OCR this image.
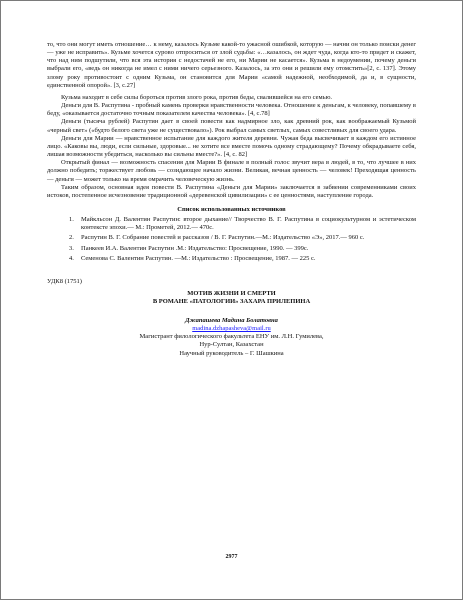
то, что они могут иметь отношение… к нему, казалось Кузьме какой-то ужасной ошибкой, которую — начни он только поиски денег — уже не исправить». Кузьме хочется сурово отпроситься от злой судьбы: «…казалось, он ждет чуда, когда кто-то придет и скажет, что над ним подшутили, что вся эта история с недостачей не его, ни Марии не касается». Кузьма в недоумении, почему деньги выбрали его, «ведь он никогда не имел с ними ничего серьезного. Казалось, за это они и решили ему отомстить»[2, с. 137]. Этому злому року противостоит с одним Кузьма, он становится для Марии «самой надежной, необходимой, да и, в сущности, единственной опорой». [3, с.27]

Кузьма находит в себе силы бороться против злого рока, против беды, свалившейся на его семью.

Деньги для В. Распутина - пробный камень проверки нравственности человека. Отношение к деньгам, к человеку, попавшему в беду, «оказывается достаточно точным показателем качества человека». [4, с.78]

Деньги (тысяча рублей) Распутин дает в своей повести как надмирное зло, как древний рок, как воображаемый Кузьмой «черный свет» («будто белого света уже не существовало»). Рок выбрал самых светлых, самых совестливых для своего удара.

Деньги для Марии — нравственное испытание для каждого жителя деревни. Чужая беда высвечивает в каждом его истинное лицо. «Каковы вы, люди, если сильные, здоровые... не хотите все вместе помочь одному страдающему? Почему обкрадываете себя, лишая возможности убедиться, насколько вы сильны вместе?». [4, с. 82]

Открытый финал — возможность спасения для Марии В финале в полный голос звучит вера в людей, в то, что лучшее в них должно победить; торжествует любовь — созидающее начало жизни. Великая, вечная ценность — человек! Преходящая ценность — деньги — может только на время омрачить человеческую жизнь.

Таким образом, основная идея повести В. Распутина «Деньги для Марии» заключается в забвении современниками своих истоков, постепенное исчезновение традиционной «деревенской цивилизации» с ее ценностями, наступление города.

Список использованных источников
1.	Майкльсон Д. Валентин Распутин: второе дыхание// Творчество В. Г. Распутина в социокультурном и эстетическом контексте эпохи.— М.: Прометей, 2012.— 470с.
2.	Распутин В. Г. Собрание повестей и рассказов / В. Г. Распутин.—М.: Издательство «Э», 2017.— 960 с.
3.	Панкеев И.А. Валентин Распутин .М.: Издательство: Просвещение, 1990. — 399с.
4.	Семенова С. Валентин Распутин. —М.: Издательство : Просвещение, 1987. — 225 с.
УДК8 (1751)
МОТИВ ЖИЗНИ И СМЕРТИ
В РОМАНЕ «ПАТОЛОГИИ» ЗАХАРА ПРИЛЕПИНА
Джапашева Мадина Болатовна
madina.dzhapasheva@mail.ru
Магистрант филологического факультета ЕНУ им. Л.Н. Гумилева,
Нур-Султан, Казахстан
Научный руководитель – Г. Шашкина
2977
